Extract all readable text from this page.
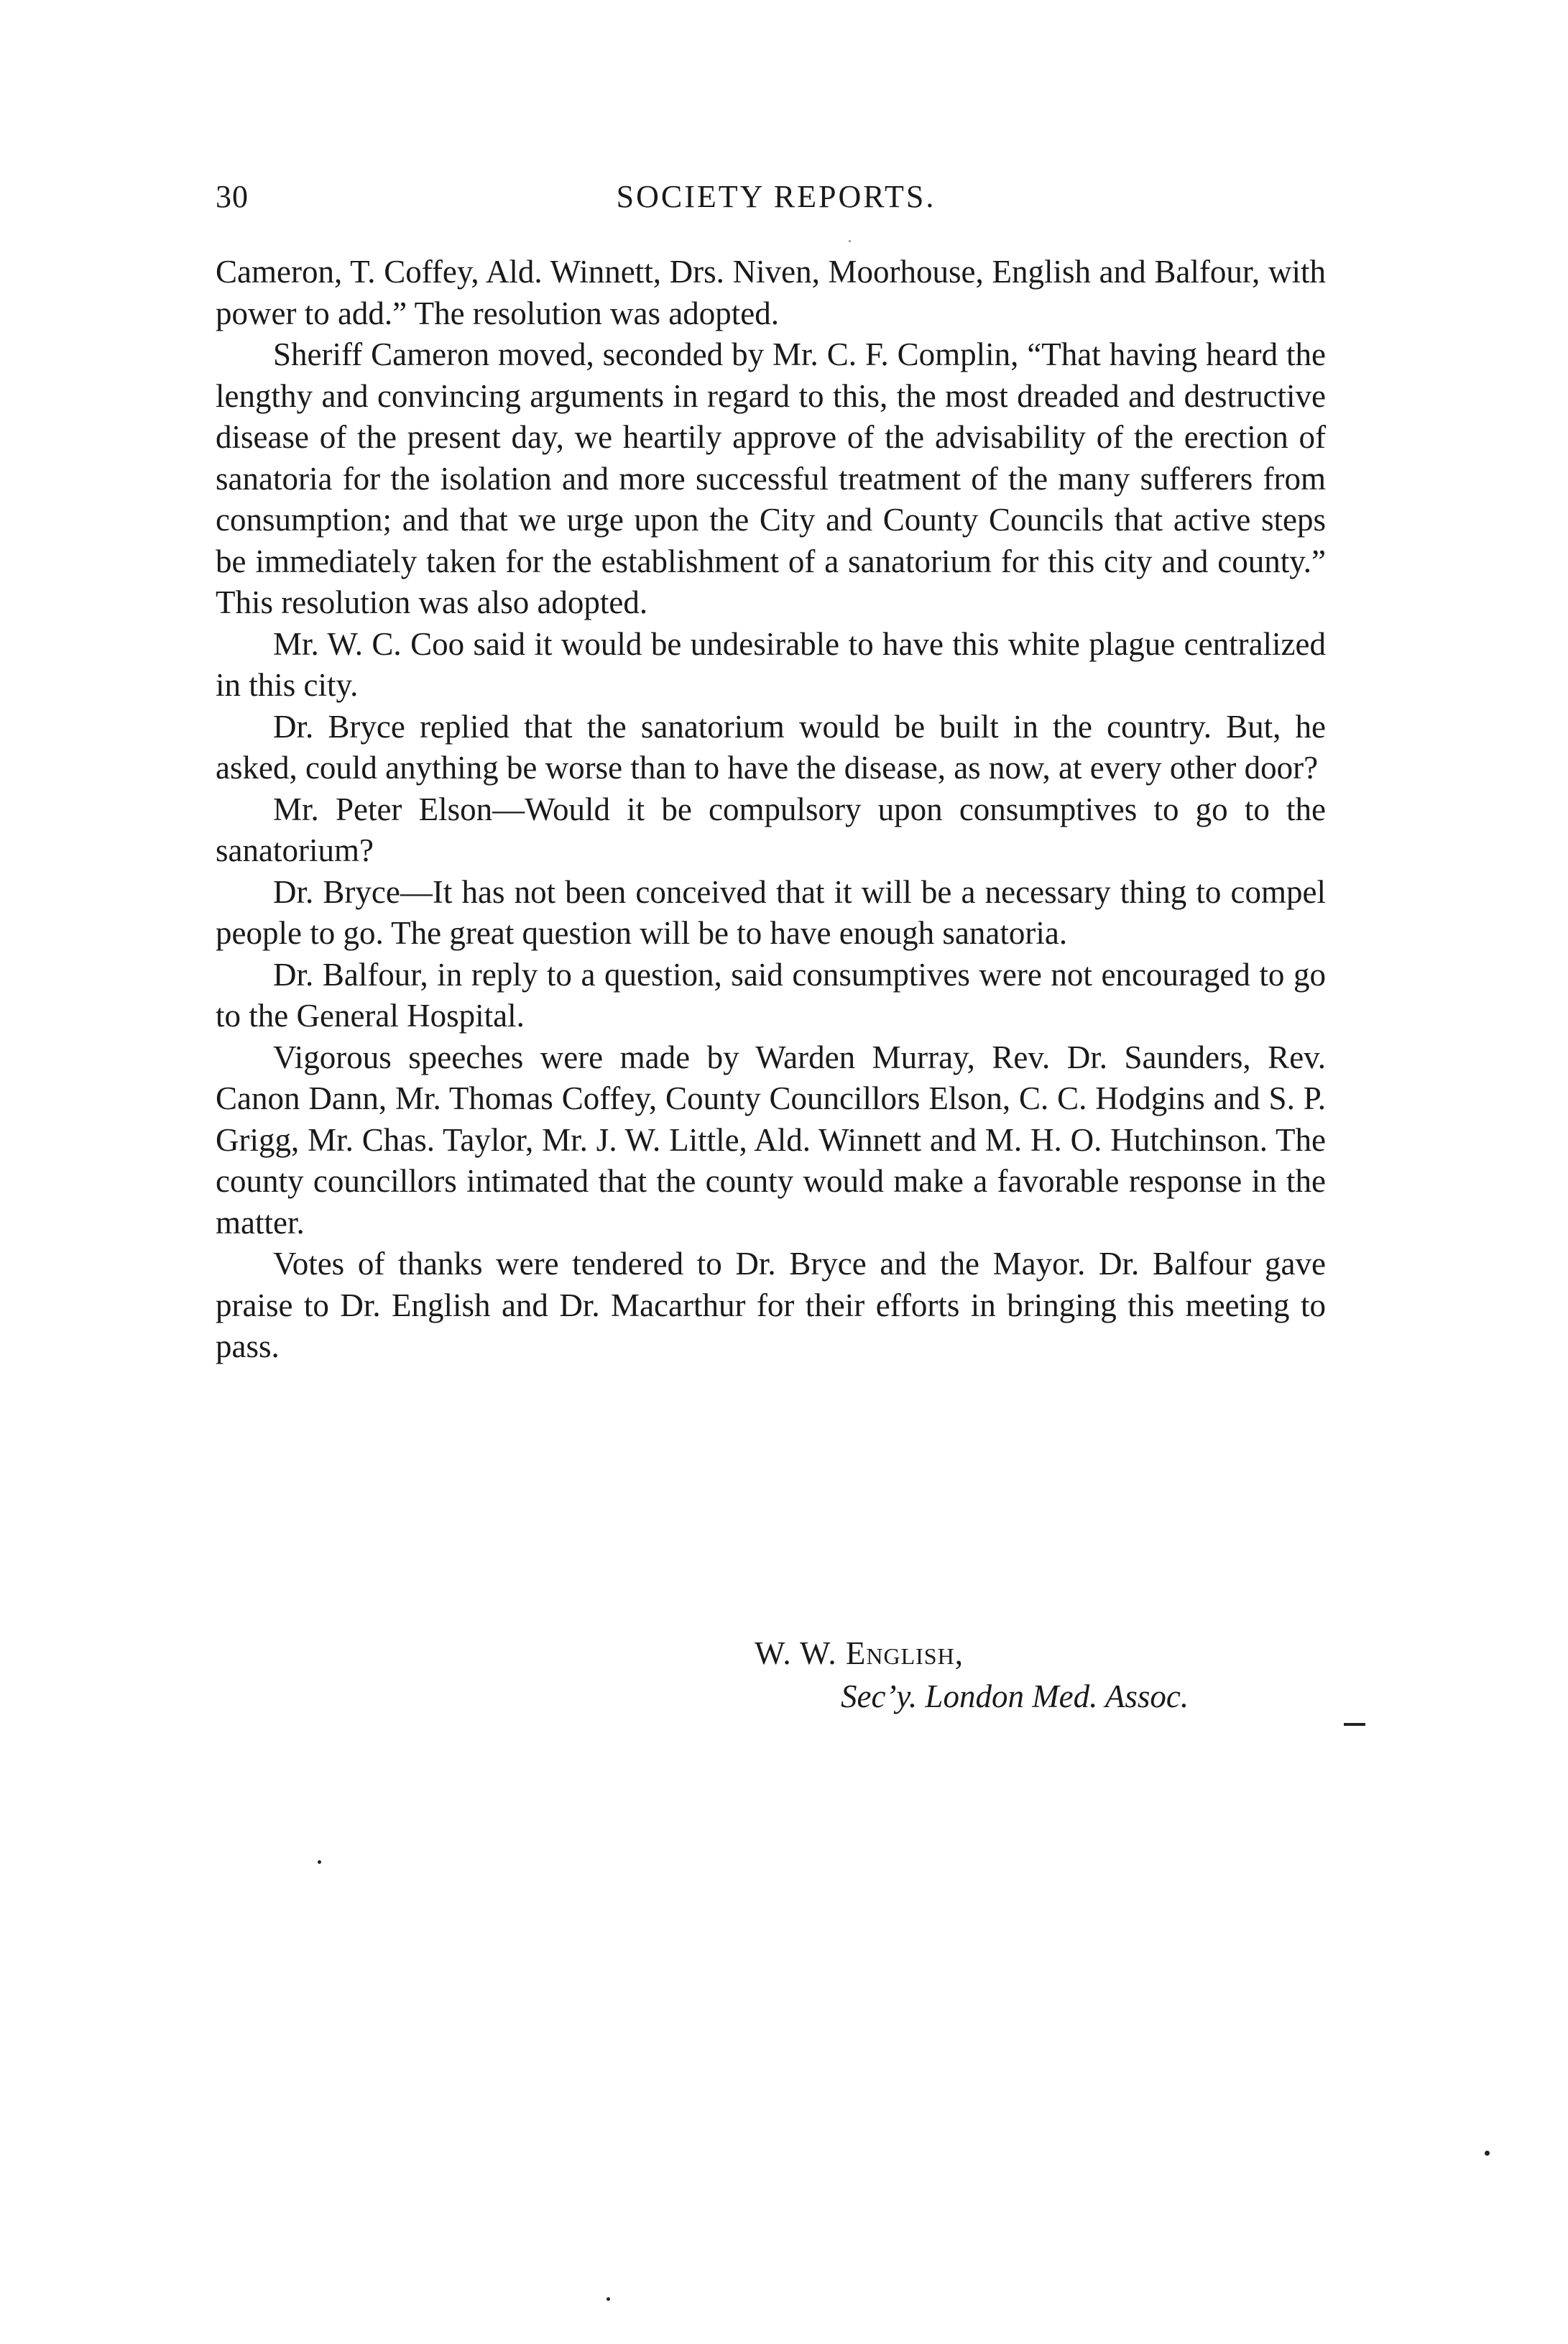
30	SOCIETY REPORTS.

Cameron, T. Coffey, Ald. Winnett, Drs. Niven, Moorhouse, English and Balfour, with power to add.” The resolution was adopted.

Sheriff Cameron moved, seconded by Mr. C. F. Complin, “That having heard the lengthy and convincing arguments in regard to this, the most dreaded and destructive disease of the present day, we heartily approve of the advisability of the erection of sanatoria for the isolation and more successful treatment of the many sufferers from consumption; and that we urge upon the City and County Councils that active steps be immediately taken for the establishment of a sanatorium for this city and county.” This resolution was also adopted.

Mr. W. C. Coo said it would be undesirable to have this white plague centralized in this city.

Dr. Bryce replied that the sanatorium would be built in the country. But, he asked, could anything be worse than to have the disease, as now, at every other door?

Mr. Peter Elson—Would it be compulsory upon consumptives to go to the sanatorium?

Dr. Bryce—It has not been conceived that it will be a necessary thing to compel people to go. The great question will be to have enough sanatoria.

Dr. Balfour, in reply to a question, said consumptives were not encouraged to go to the General Hospital.

Vigorous speeches were made by Warden Murray, Rev. Dr. Saunders, Rev. Canon Dann, Mr. Thomas Coffey, County Councillors Elson, C. C. Hodgins and S. P. Grigg, Mr. Chas. Taylor, Mr. J. W. Little, Ald. Winnett and M. H. O. Hutchinson. The county councillors intimated that the county would make a favorable response in the matter.

Votes of thanks were tendered to Dr. Bryce and the Mayor. Dr. Balfour gave praise to Dr. English and Dr. Macarthur for their efforts in bringing this meeting to pass.

W. W. English,
Sec’y. London Med. Assoc.
